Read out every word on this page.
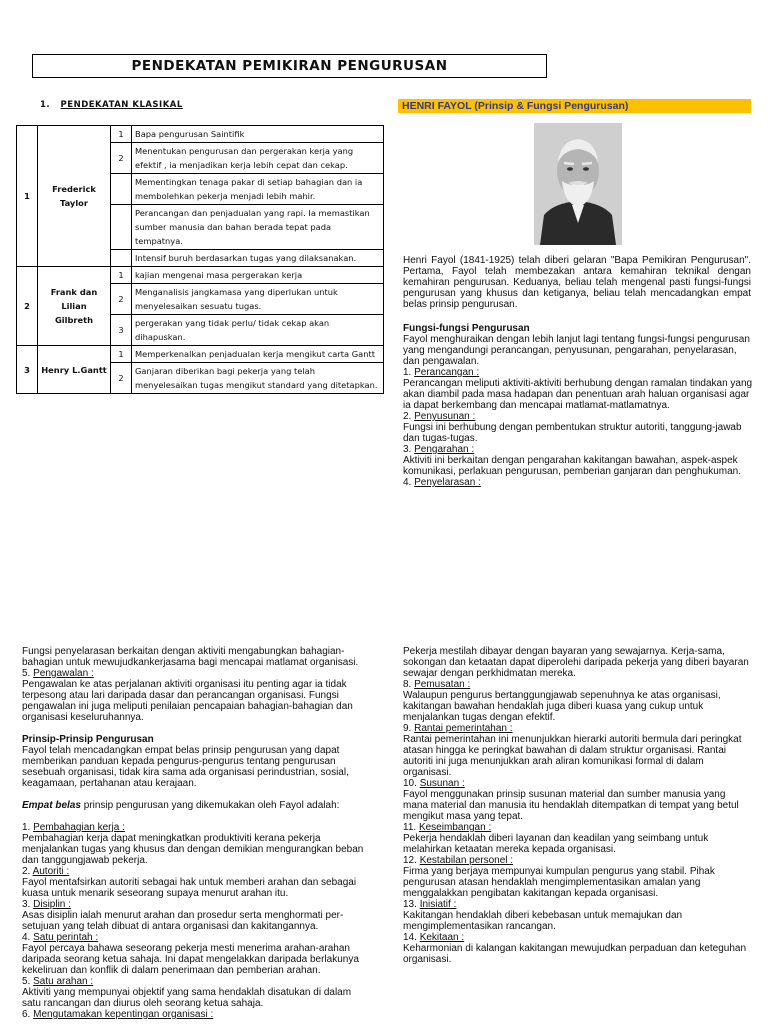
PENDEKATAN PEMIKIRAN PENGURUSAN
1. PENDEKATAN KLASIKAL	HENRI FAYOL (Prinsip & Fungsi Pengurusan)
1	Frederick Taylor	1	Bapa pengurusan Saintifik
		2	Menentukan pengurusan dan pergerakan kerja yang efektif , ia menjadikan kerja lebih cepat dan cekap.
			Mementingkan tenaga pakar di setiap bahagian dan ia membolehkan pekerja menjadi lebih mahir.
			Perancangan dan penjadualan yang rapi. Ia memastikan sumber manusia dan bahan berada tepat pada tempatnya.
			Intensif buruh berdasarkan tugas yang dilaksanakan.
2	Frank dan Lilian Gilbreth	1	kajian mengenai masa pergerakan kerja
		2	Menganalisis jangkamasa yang diperlukan untuk menyelesaikan sesuatu tugas.
		3	pergerakan yang tidak perlu/ tidak cekap akan dihapuskan.
3	Henry L.Gantt	1	Memperkenalkan penjadualan kerja mengikut carta Gantt
		2	Ganjaran diberikan bagi pekerja yang telah menyelesaikan tugas mengikut standard yang ditetapkan.

Henri Fayol (1841-1925) telah diberi gelaran "Bapa Pemikiran Pengurusan". Pertama, Fayol telah membezakan antara kemahiran teknikal dengan kemahiran pengurusan. Keduanya, beliau telah mengenal pasti fungsi-fungsi pengurusan yang khusus dan ketiganya, beliau telah mencadangkan empat belas prinsip pengurusan.

Fungsi-fungsi Pengurusan

Fayol menghuraikan dengan lebih lanjut lagi tentang fungsi-fungsi pengurusan yang mengandungi perancangan, penyusunan, pengarahan, penyelarasan, dan pengawalan.

1. Perancangan :

Perancangan meliputi aktiviti-aktiviti berhubung dengan ramalan tindakan yang akan diambil pada masa hadapan dan penentuan arah haluan organisasi agar ia dapat berkembang dan mencapai matlamat-matlamatnya.

2. Penyusunan :

Fungsi ini berhubung dengan pembentukan struktur autoriti, tanggung-jawab dan tugas-tugas.

3. Pengarahan :

Aktiviti ini berkaitan dengan pengarahan kakitangan bawahan, aspek-aspek komunikasi, perlakuan pengurusan, pemberian ganjaran dan penghukuman.

4. Penyelarasan :

Fungsi penyelarasan berkaitan dengan aktiviti mengabungkan bahagian-bahagian untuk mewujudkankerjasama bagi mencapai matlamat organisasi.

5. Pengawalan :

Pengawalan ke atas perjalanan aktiviti organisasi itu penting agar ia tidak terpesong atau lari daripada dasar dan perancangan organisasi. Fungsi pengawalan ini juga meliputi penilaian pencapaian bahagian-bahagian dan organisasi keseluruhannya.

Prinsip-Prinsip Pengurusan

Fayol telah mencadangkan empat belas prinsip pengurusan yang dapat memberikan panduan kepada pengurus-pengurus tentang pengurusan sesebuah organisasi, tidak kira sama ada organisasi perindustrian, sosial, keagamaan, pertahanan atau kerajaan.

Empat belas prinsip pengurusan yang dikemukakan oleh Fayol adalah:

1. Pembahagian kerja :

Pembahagian kerja dapat meningkatkan produktiviti kerana pekerja menjalankan tugas yang khusus dan dengan demikian mengurangkan beban dan tanggungjawab pekerja.

2. Autoriti :

Fayol mentafsirkan autoriti sebagai hak untuk memberi arahan dan sebagai kuasa untuk menarik seseorang supaya menurut arahan itu.

3. Disiplin :

Asas disiplin ialah menurut arahan dan prosedur serta menghormati per-setujuan yang telah dibuat di antara organisasi dan kakitangannya.

4. Satu perintah :

Fayol percaya bahawa seseorang pekerja mesti menerima arahan-arahan daripada seorang ketua sahaja. Ini dapat mengelakkan daripada berlakunya kekeliruan dan konflik di dalam penerimaan dan pemberian arahan.

5. Satu arahan :

Aktiviti yang mempunyai objektif yang sama hendaklah disatukan di dalam satu rancangan dan diurus oleh seorang ketua sahaja.

6. Mengutamakan kepentingan organisasi :

Pekerja mestilah dibayar dengan bayaran yang sewajarnya. Kerja-sama, sokongan dan ketaatan dapat diperolehi daripada pekerja yang diberi bayaran sewajar dengan perkhidmatan mereka.

8. Pemusatan :

Walaupun pengurus bertanggungjawab sepenuhnya ke atas organisasi, kakitangan bawahan hendaklah juga diberi kuasa yang cukup untuk menjalankan tugas dengan efektif.

9. Rantai pemerintahan :

Rantai pemerintahan ini menunjukkan hierarki autoriti bermula dari peringkat atasan hingga ke peringkat bawahan di dalam struktur organisasi. Rantai autoriti ini juga menunjukkan arah aliran komunikasi formal di dalam organisasi.

10. Susunan :

Fayol menggunakan prinsip susunan material dan sumber manusia yang mana material dan manusia itu hendaklah ditempatkan di tempat yang betul mengikut masa yang tepat.

11. Keseimbangan :

Pekerja hendaklah diberi layanan dan keadilan yang seimbang untuk melahirkan ketaatan mereka kepada organisasi.

12. Kestabilan personel :

Firma yang berjaya mempunyai kumpulan pengurus yang stabil. Pihak pengurusan atasan hendaklah mengimplementasikan amalan yang menggalakkan pengibatan kakitangan kepada organisasi.

13. Inisiatif :

Kakitangan hendaklah diberi kebebasan untuk memajukan dan mengimplementasikan rancangan.

14. Kekitaan :

Keharmonian di kalangan kakitangan mewujudkan perpaduan dan keteguhan organisasi.
